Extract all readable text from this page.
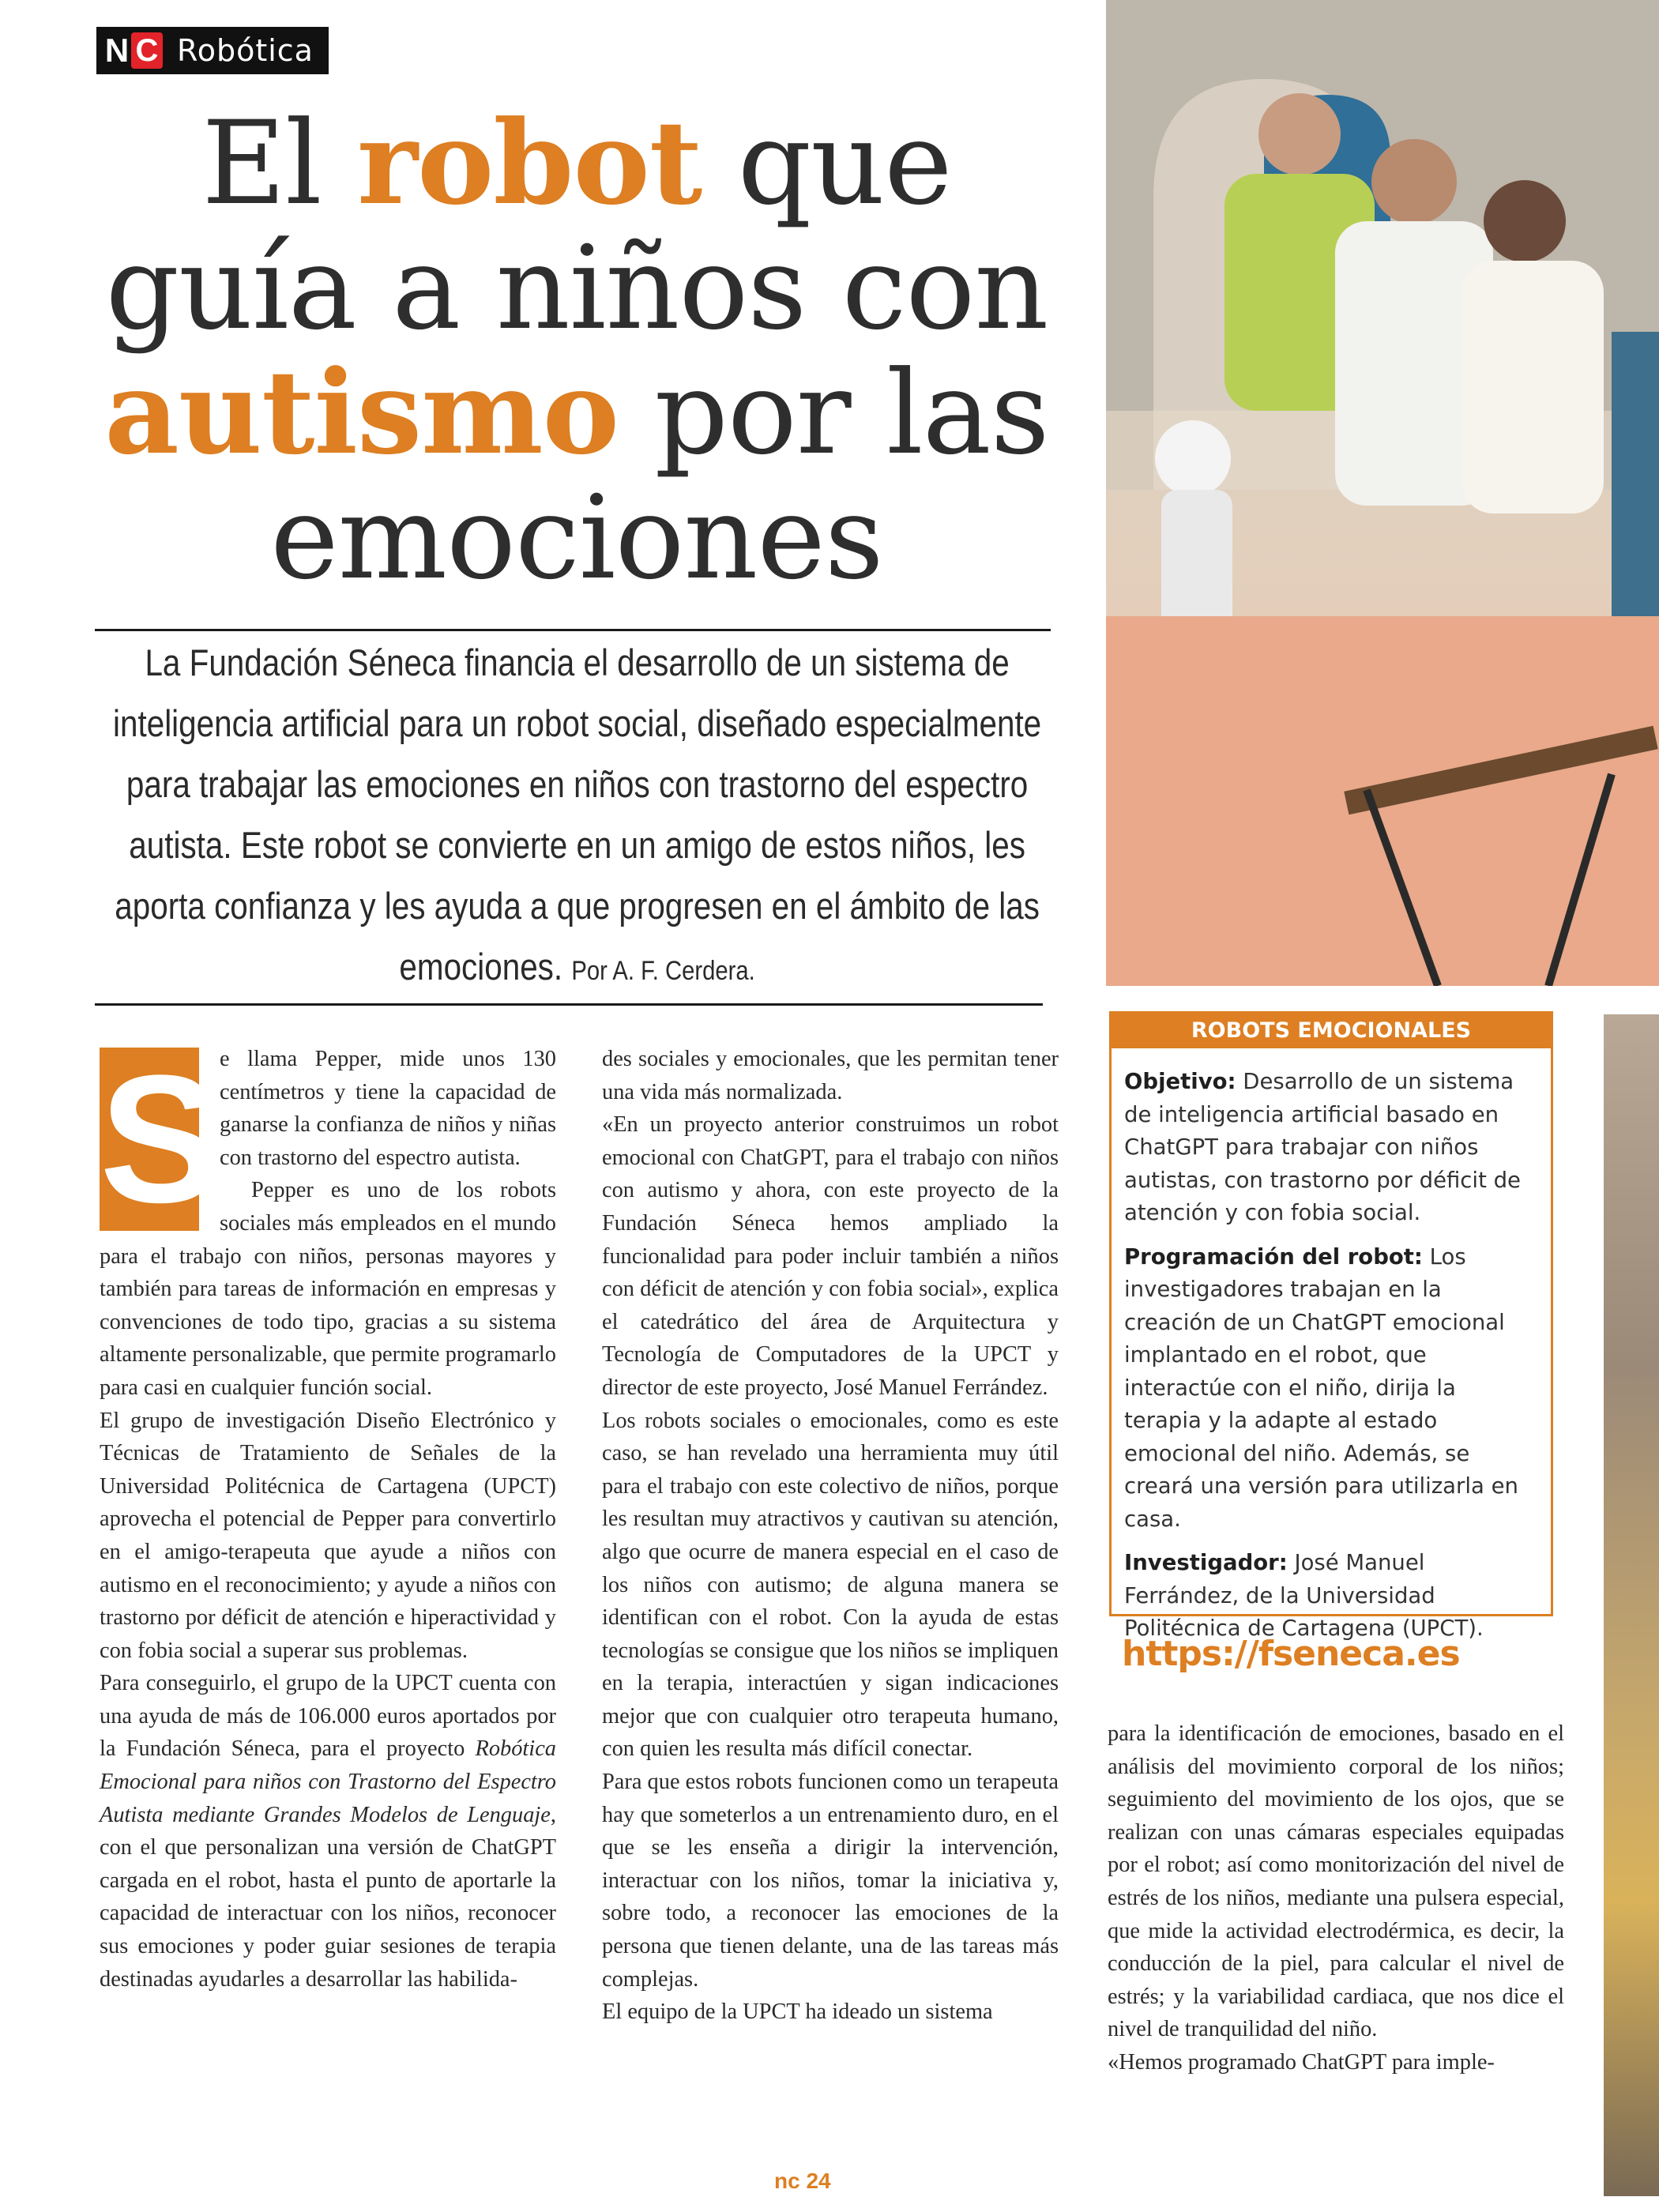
N C Robótica
El robot que guía a niños con autismo por las emociones
La Fundación Séneca financia el desarrollo de un sistema de inteligencia artificial para un robot social, diseñado especialmente para trabajar las emociones en niños con trastorno del espectro autista. Este robot se convierte en un amigo de estos niños, les aporta confianza y les ayuda a que progresen en el ámbito de las emociones. Por A. F. Cerdera.
S

e llama Pepper, mide unos 130 centímetros y tiene la capacidad de ganarse la confianza de niños y niñas con trastorno del espectro autista.

Pepper es uno de los robots sociales más empleados en el mundo para el trabajo con niños, personas mayores y también para tareas de información en empresas y convenciones de todo tipo, gracias a su sistema altamente personalizable, que permite programarlo para casi en cualquier función social.

El grupo de investigación Diseño Electrónico y Técnicas de Tratamiento de Señales de la Universidad Politécnica de Cartagena (UPCT) aprovecha el potencial de Pepper para convertirlo en el amigo-terapeuta que ayude a niños con autismo en el reconocimiento; y ayude a niños con trastorno por déficit de atención e hiperactividad y con fobia social a superar sus problemas.

Para conseguirlo, el grupo de la UPCT cuenta con una ayuda de más de 106.000 euros aportados por la Fundación Séneca, para el proyecto Robótica Emocional para niños con Trastorno del Espectro Autista mediante Grandes Modelos de Lenguaje, con el que personalizan una versión de ChatGPT cargada en el robot, hasta el punto de aportarle la capacidad de interactuar con los niños, reconocer sus emociones y poder guiar sesiones de terapia destinadas ayudarles a desarrollar las habilida-

des sociales y emocionales, que les permitan tener una vida más normalizada.

«En un proyecto anterior construimos un robot emocional con ChatGPT, para el trabajo con niños con autismo y ahora, con este proyecto de la Fundación Séneca hemos ampliado la funcionalidad para poder incluir también a niños con déficit de atención y con fobia social», explica el catedrático del área de Arquitectura y Tecnología de Computadores de la UPCT y director de este proyecto, José Manuel Ferrández.

Los robots sociales o emocionales, como es este caso, se han revelado una herramienta muy útil para el trabajo con este colectivo de niños, porque les resultan muy atractivos y cautivan su atención, algo que ocurre de manera especial en el caso de los niños con autismo; de alguna manera se identifican con el robot. Con la ayuda de estas tecnologías se consigue que los niños se impliquen en la terapia, interactúen y sigan indicaciones mejor que con cualquier otro terapeuta humano, con quien les resulta más difícil conectar.

Para que estos robots funcionen como un terapeuta hay que someterlos a un entrenamiento duro, en el que se les enseña a dirigir la intervención, interactuar con los niños, tomar la iniciativa y, sobre todo, a reconocer las emociones de la persona que tienen delante, una de las tareas más complejas.

El equipo de la UPCT ha ideado un sistema

ROBOTS EMOCIONALES

Objetivo: Desarrollo de un sistema de inteligencia artificial basado en ChatGPT para trabajar con niños autistas, con trastorno por déficit de atención y con fobia social.

Programación del robot: Los investigadores trabajan en la creación de un ChatGPT emocional implantado en el robot, que interactúe con el niño, dirija la terapia y la adapte al estado emocional del niño. Además, se creará una versión para utilizarla en casa.

Investigador: José Manuel Ferrández, de la Universidad Politécnica de Cartagena (UPCT).

https://fseneca.es

para la identificación de emociones, basado en el análisis del movimiento corporal de los niños; seguimiento del movimiento de los ojos, que se realizan con unas cámaras especiales equipadas por el robot; así como monitorización del nivel de estrés de los niños, mediante una pulsera especial, que mide la actividad electrodérmica, es decir, la conducción de la piel, para calcular el nivel de estrés; y la variabilidad cardiaca, que nos dice el nivel de tranquilidad del niño.

«Hemos programado ChatGPT para imple-

nc 24
